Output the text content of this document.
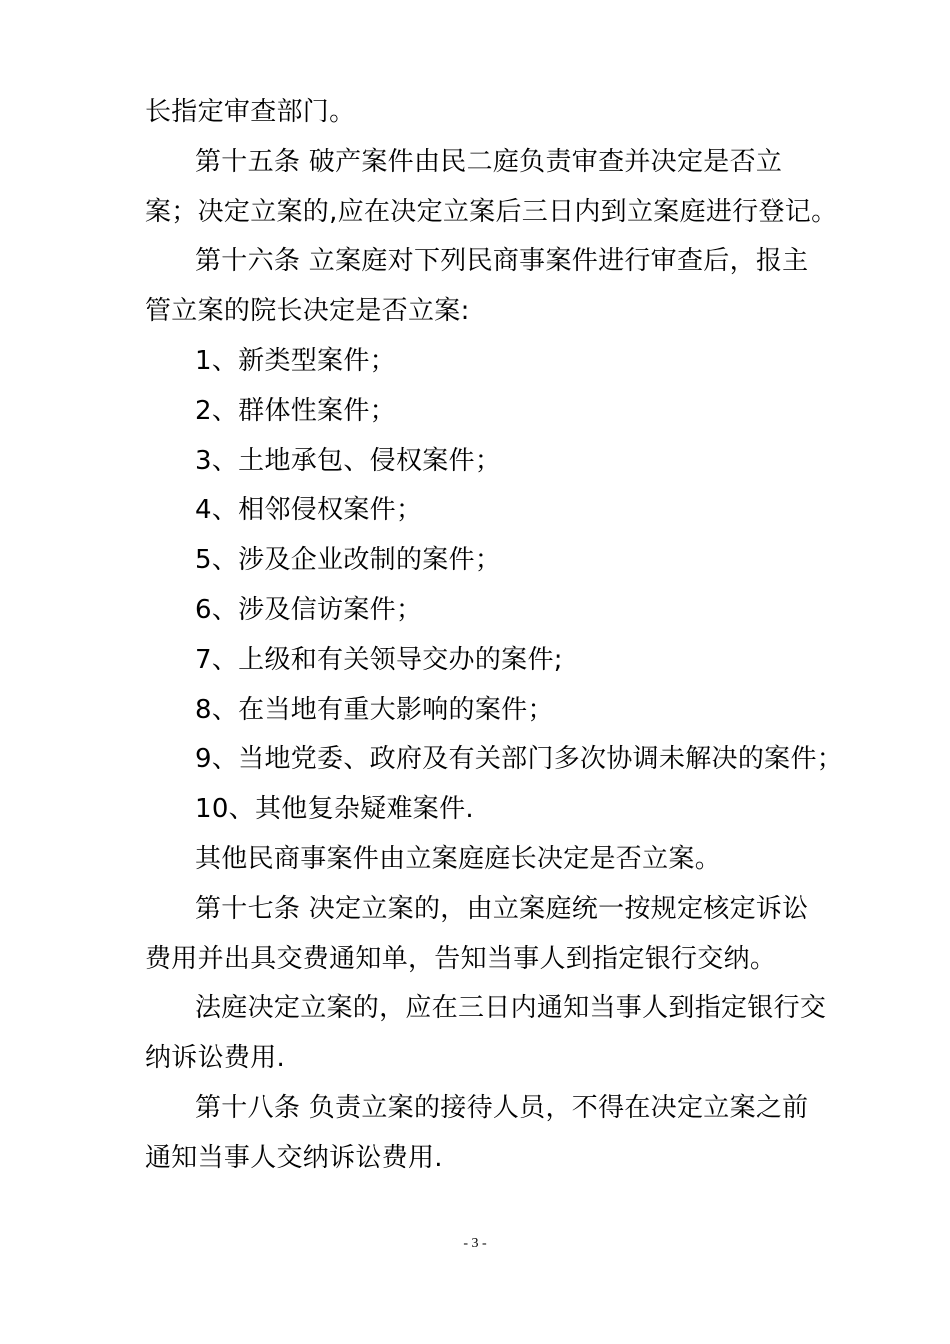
长指定审查部门。
第十五条 破产案件由民二庭负责审查并决定是否立
案；决定立案的,应在决定立案后三日内到立案庭进行登记。
第十六条 立案庭对下列民商事案件进行审查后，报主
管立案的院长决定是否立案:
1、新类型案件；
2、群体性案件；
3、土地承包、侵权案件；
4、相邻侵权案件；
5、涉及企业改制的案件；
6、涉及信访案件；
7、上级和有关领导交办的案件;
8、在当地有重大影响的案件；
9、当地党委、政府及有关部门多次协调未解决的案件；
10、其他复杂疑难案件.
其他民商事案件由立案庭庭长决定是否立案。
第十七条 决定立案的，由立案庭统一按规定核定诉讼
费用并出具交费通知单，告知当事人到指定银行交纳。
法庭决定立案的，应在三日内通知当事人到指定银行交
纳诉讼费用.
第十八条 负责立案的接待人员，不得在决定立案之前
通知当事人交纳诉讼费用.
- 3 -
